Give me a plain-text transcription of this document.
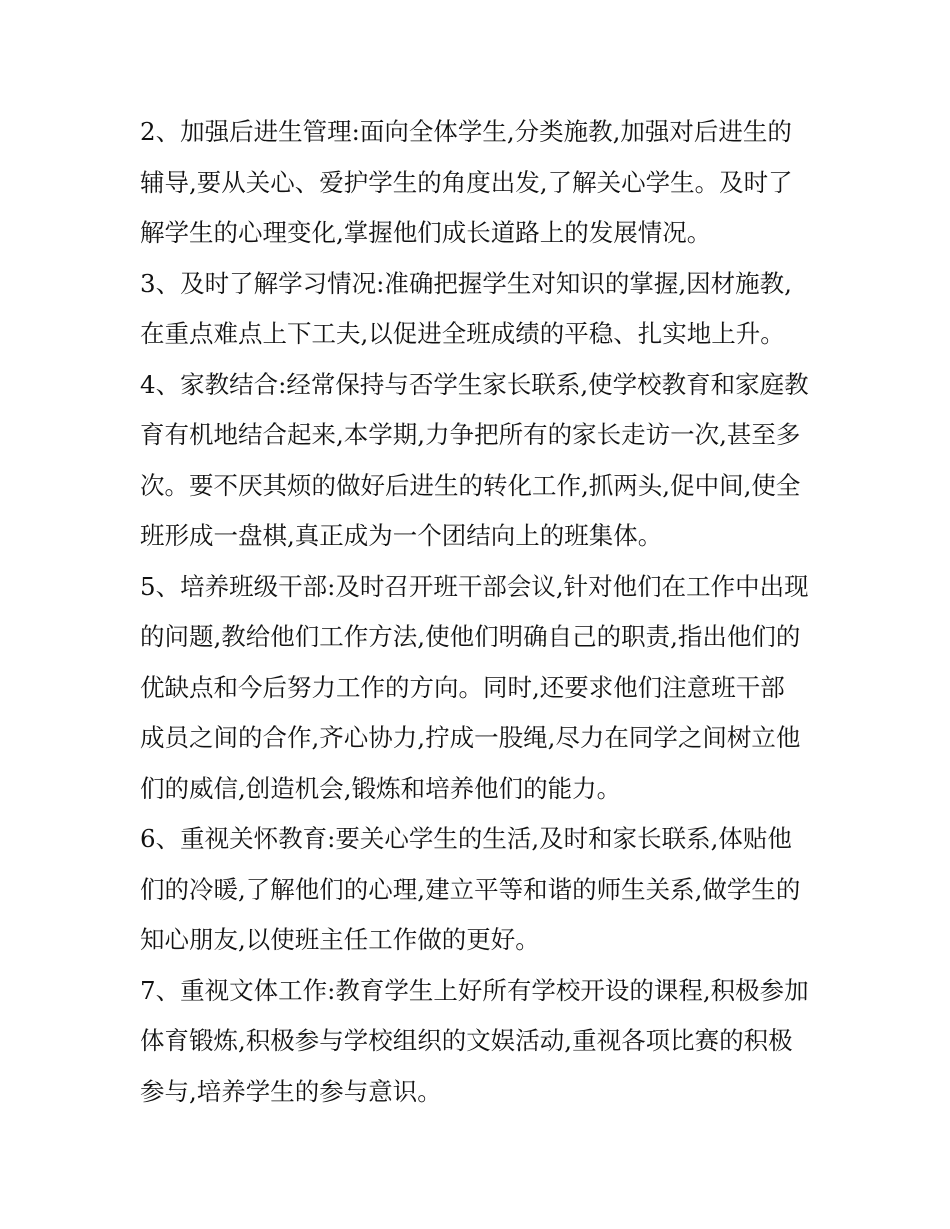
2、加强后进生管理:面向全体学生,分类施教,加强对后进生的
辅导,要从关心、爱护学生的角度出发,了解关心学生。及时了
解学生的心理变化,掌握他们成长道路上的发展情况。
3、及时了解学习情况:准确把握学生对知识的掌握,因材施教,
在重点难点上下工夫,以促进全班成绩的平稳、扎实地上升。
4、家教结合:经常保持与否学生家长联系,使学校教育和家庭教
育有机地结合起来,本学期,力争把所有的家长走访一次,甚至多
次。要不厌其烦的做好后进生的转化工作,抓两头,促中间,使全
班形成一盘棋,真正成为一个团结向上的班集体。
5、培养班级干部:及时召开班干部会议,针对他们在工作中出现
的问题,教给他们工作方法,使他们明确自己的职责,指出他们的
优缺点和今后努力工作的方向。同时,还要求他们注意班干部
成员之间的合作,齐心协力,拧成一股绳,尽力在同学之间树立他
们的威信,创造机会,锻炼和培养他们的能力。
6、重视关怀教育:要关心学生的生活,及时和家长联系,体贴他
们的冷暖,了解他们的心理,建立平等和谐的师生关系,做学生的
知心朋友,以使班主任工作做的更好。
7、重视文体工作:教育学生上好所有学校开设的课程,积极参加
体育锻炼,积极参与学校组织的文娱活动,重视各项比赛的积极
参与,培养学生的参与意识。
